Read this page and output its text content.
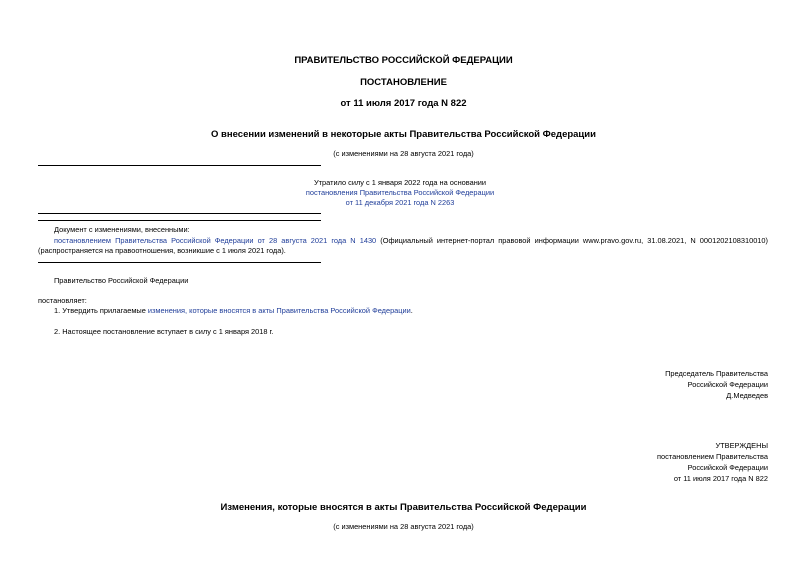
ПРАВИТЕЛЬСТВО РОССИЙСКОЙ ФЕДЕРАЦИИ
ПОСТАНОВЛЕНИЕ
от 11 июля 2017 года N 822
О внесении изменений в некоторые акты Правительства Российской Федерации
(с изменениями на 28 августа 2021 года)
Утратило силу с 1 января 2022 года на основании
постановления Правительства Российской Федерации
от 11 декабря 2021 года N 2263
Документ с изменениями, внесенными:
постановлением Правительства Российской Федерации от 28 августа 2021 года N 1430 (Официальный интернет-портал правовой информации www.pravo.gov.ru, 31.08.2021, N 0001202108310010) (распространяется на правоотношения, возникшие с 1 июля 2021 года).
Правительство Российской Федерации
постановляет:
1. Утвердить прилагаемые изменения, которые вносятся в акты Правительства Российской Федерации.
2. Настоящее постановление вступает в силу с 1 января 2018 г.
Председатель Правительства
Российской Федерации
Д.Медведев
УТВЕРЖДЕНЫ
постановлением Правительства
Российской Федерации
от 11 июля 2017 года N 822
Изменения, которые вносятся в акты Правительства Российской Федерации
(с изменениями на 28 августа 2021 года)
